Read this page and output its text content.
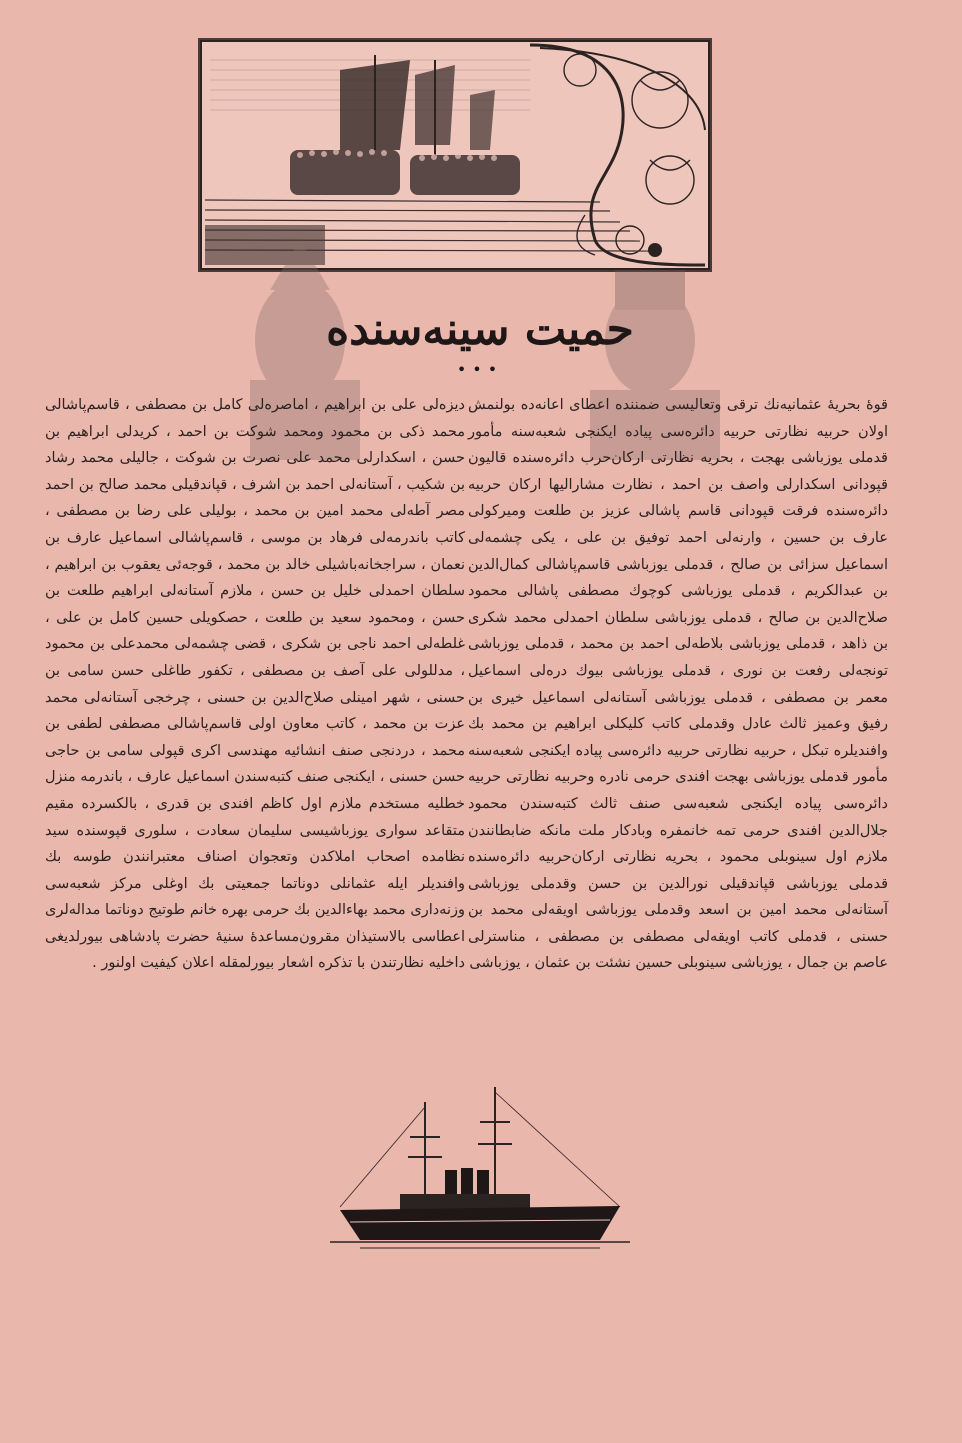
حمیت سینه‌سنده
•••

قوهٔ بحریهٔ عثمانیه‌نك ترقی وتعالیسی ضمننده اعطای اعانه‌ده بولنمش اولان حربیه نظارتی حربیه دائره‌سی پیاده ایکنجی شعبه‌سنه مأمور قدملی یوزباشی بهجت ، بحریه نظارتی ارکان‌حرب دائره‌سنده قالیون قپودانی اسکدارلی واصف بن احمد ، نظارت مشارالیها ارکان حربیه دائره‌سنده فرقت قپودانی قاسم پاشالی عزیز بن طلعت ومیرکولی عارف بن حسین ، وارنه‌لی احمد توفیق بن علی ، یکی چشمه‌لی اسماعیل سزائی بن صالح ، قدملی یوزباشی قاسم‌پاشالی کمال‌الدین بن عبدالکریم ، قدملی یوزباشی کوچوك مصطفی پاشالی محمود صلاح‌الدین بن صالح ، قدملی یوزباشی سلطان احمدلی محمد شکری بن ذاهد ، قدملی یوزباشی بلاطه‌لی احمد بن محمد ، قدملی یوزباشی تونجه‌لی رفعت بن نوری ، قدملی یوزباشی بیوك دره‌لی اسماعیل معمر بن مصطفی ، قدملی یوزباشی آستانه‌لی اسماعیل خیری بن رفیق وعمیز ثالث عادل وقدملی کاتب کلیکلی ابراهیم بن محمد بك وافندیلره تبکل ، حربیه نظارتی حربیه دائره‌سی پیاده ایکنجی شعبه‌سنه مأمور قدملی یوزباشی بهجت افندی حرمی نادره وحربیه نظارتی حربیه دائره‌سی پیاده ایکنجی شعبه‌سی صنف ثالث کتبه‌سندن محمود جلال‌الدین افندی حرمی تمه خانمفره وبادکار ملت مانکه ضابطانندن ملازم اول سینوبلی محمود ، بحریه نظارتی ارکان‌حربیه دائره‌سنده قدملی یوزباشی قپاندقیلی نورالدین بن حسن وقدملی یوزباشی آستانه‌لی محمد امین بن اسعد وقدملی یوزباشی اویقه‌لی محمد بن حسنی ، قدملی کاتب اویقه‌لی مصطفی بن مصطفی ، مناسترلی عاصم بن جمال ، یوزباشی سینوبلی حسین نشئت بن عثمان ، یوزباشی

دیزه‌لی علی بن ابراهیم ، اماصره‌لی کامل بن مصطفی ، قاسم‌پاشالی محمد ذکی بن محمود ومحمد شوکت بن احمد ، کریدلی ابراهیم بن حسن ، اسکدارلی محمد علی نصرت بن شوکت ، جالیلی محمد رشاد بن شکیب ، آستانه‌لی احمد بن اشرف ، قپاندقیلی محمد صالح بن احمد مصر آطه‌لی محمد امین بن محمد ، بولیلی علی رضا بن مصطفی ، کاتب باندرمه‌لی فرهاد بن موسی ، قاسم‌پاشالی اسماعیل عارف بن نعمان ، سراجخانه‌باشیلی خالد بن محمد ، قوجه‌ئی یعقوب بن ابراهیم ، سلطان احمدلی خلیل بن حسن ، ملازم آستانه‌لی ابراهیم طلعت بن حسن ، ومحمود سعید بن طلعت ، حصکویلی حسین کامل بن علی ، غلطه‌لی احمد ناجی بن شکری ، قضی چشمه‌لی محمدعلی بن محمود ، مدللولی علی آصف بن مصطفی ، تکفور طاغلی حسن سامی بن حسنی ، شهر امینلی صلاح‌الدین بن حسنی ، چرخجی آستانه‌لی محمد عزت بن محمد ، کاتب معاون اولی قاسم‌پاشالی مصطفی لطفی بن محمد ، دردنجی صنف انشائیه مهندسی اکری قپولی سامی بن حاجی حسن حسنی ، ایکنجی صنف کتبه‌سندن اسماعیل عارف ، باندرمه منزل خطلیه مستخدم ملازم اول کاظم افندی بن قدری ، بالکسرده مقیم متقاعد سواری یوزباشیسی سلیمان سعادت ، سلوری قپوسنده سید نظامده اصحاب املاکدن وتعجوان اصناف معتبرانندن طوسه بك وافندیلر ایله عثمانلی دوناتما جمعیتی بك اوغلی مرکز شعبه‌سی وزنه‌داری محمد بهاءالدین بك حرمی بهره خانم طوتیج دوناتما مداله‌لری اعطاسی بالاستیذان مقرون‌مساعدهٔ سنیهٔ حضرت پادشاهی بیورلدیغی داخلیه نظارتندن با تذکره اشعار بیورلمقله اعلان کیفیت اولنور .
